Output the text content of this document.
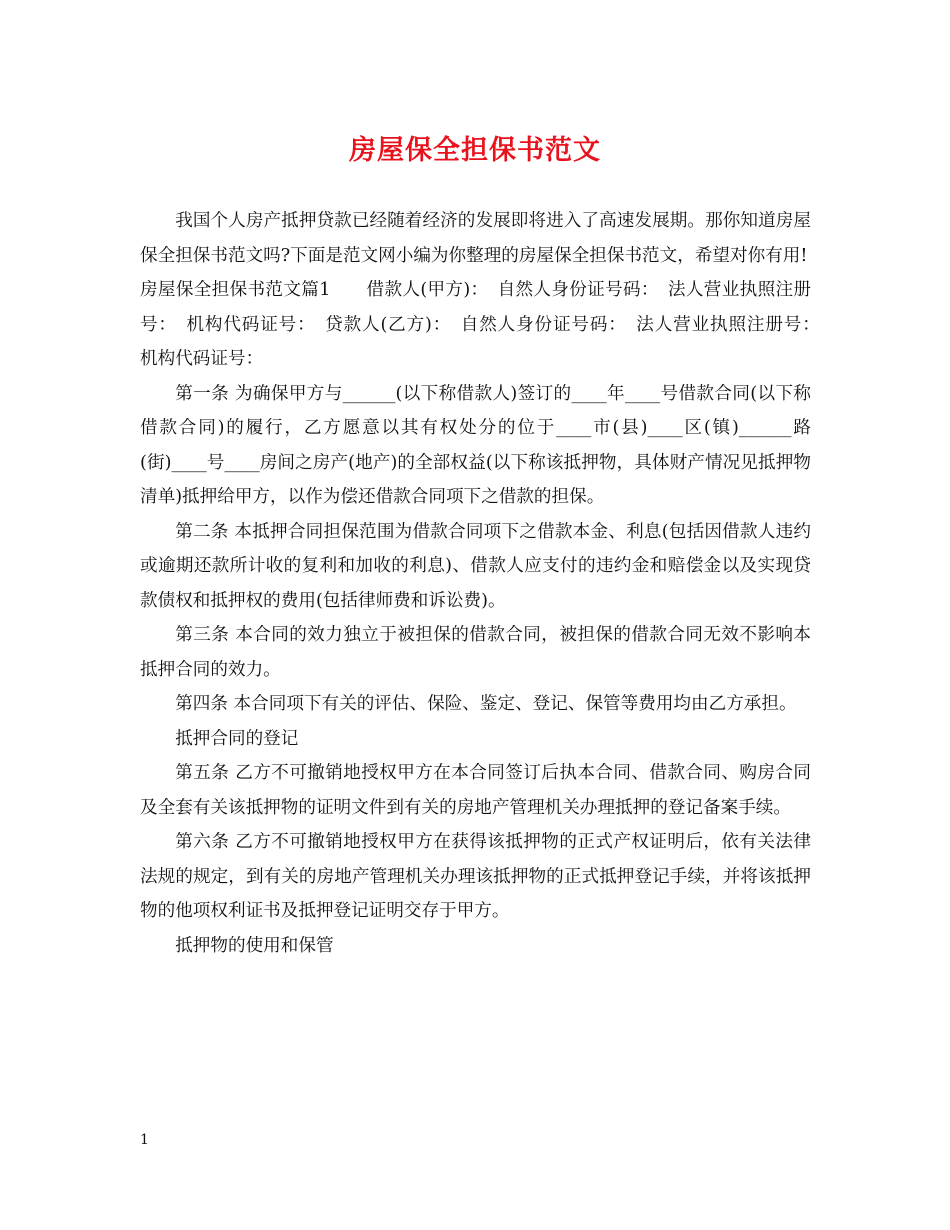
房屋保全担保书范文

我国个人房产抵押贷款已经随着经济的发展即将进入了高速发展期。那你知道房屋保全担保书范文吗?下面是范文网小编为你整理的房屋保全担保书范文，希望对你有用!

房屋保全担保书范文篇1　　借款人(甲方)：　自然人身份证号码：　法人营业执照注册号：　机构代码证号：　贷款人(乙方)：　自然人身份证号码：　法人营业执照注册号：　机构代码证号：

第一条 为确保甲方与______(以下称借款人)签订的____年____号借款合同(以下称借款合同)的履行，乙方愿意以其有权处分的位于____市(县)____区(镇)______路(街)____号____房间之房产(地产)的全部权益(以下称该抵押物，具体财产情况见抵押物清单)抵押给甲方，以作为偿还借款合同项下之借款的担保。

第二条 本抵押合同担保范围为借款合同项下之借款本金、利息(包括因借款人违约或逾期还款所计收的复利和加收的利息)、借款人应支付的违约金和赔偿金以及实现贷款债权和抵押权的费用(包括律师费和诉讼费)。

第三条 本合同的效力独立于被担保的借款合同，被担保的借款合同无效不影响本抵押合同的效力。

第四条 本合同项下有关的评估、保险、鉴定、登记、保管等费用均由乙方承担。

抵押合同的登记

第五条 乙方不可撤销地授权甲方在本合同签订后执本合同、借款合同、购房合同及全套有关该抵押物的证明文件到有关的房地产管理机关办理抵押的登记备案手续。

第六条 乙方不可撤销地授权甲方在获得该抵押物的正式产权证明后，依有关法律法规的规定，到有关的房地产管理机关办理该抵押物的正式抵押登记手续，并将该抵押物的他项权利证书及抵押登记证明交存于甲方。

抵押物的使用和保管

1
